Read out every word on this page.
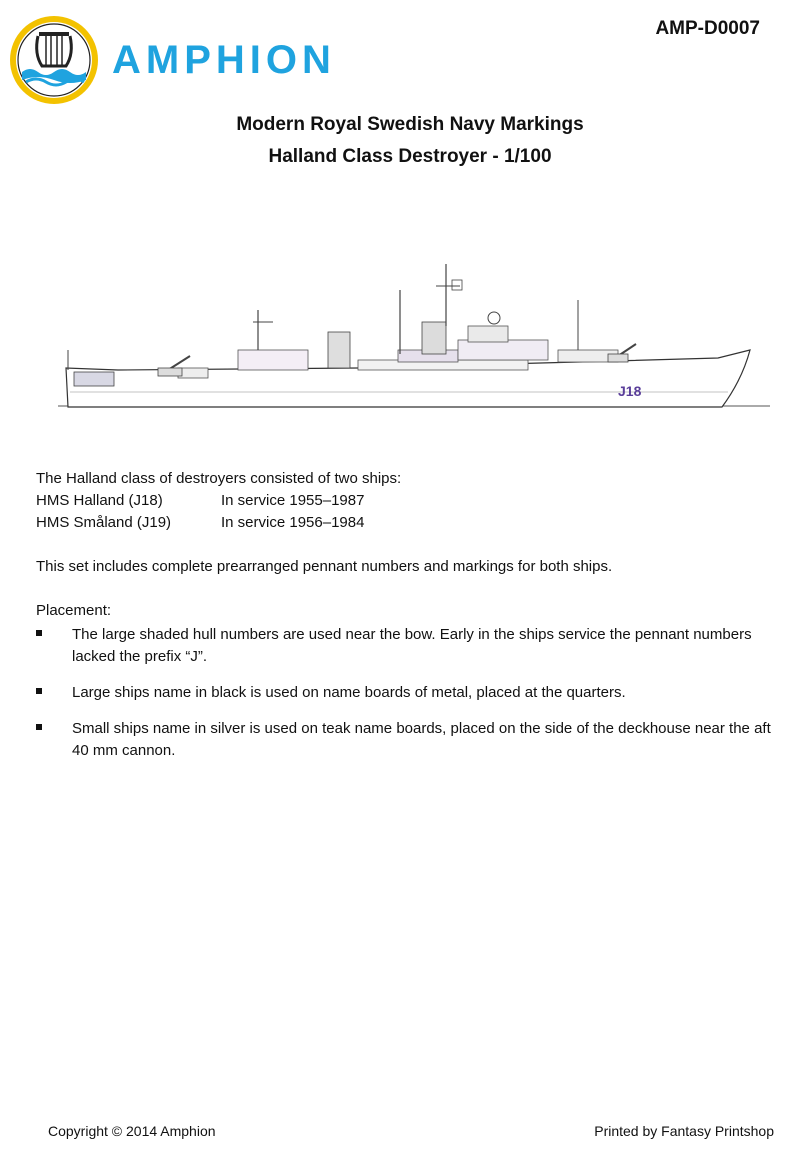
AMPHION
AMP-D0007
Modern Royal Swedish Navy Markings
Halland Class Destroyer - 1/100
J18
The Halland class of destroyers consisted of two ships:
HMS Halland (J18)	In service 1955–1987
HMS Småland (J19)	In service 1956–1984
This set includes complete prearranged pennant numbers and markings for both ships.
Placement:
The large shaded hull numbers are used near the bow. Early in the ships service the pennant numbers lacked the prefix “J”.
Large ships name in black is used on name boards of metal, placed at the quarters.
Small ships name in silver is used on teak name boards, placed on the side of the deckhouse near the aft 40 mm cannon.
Copyright © 2014 Amphion	Printed by Fantasy Printshop
